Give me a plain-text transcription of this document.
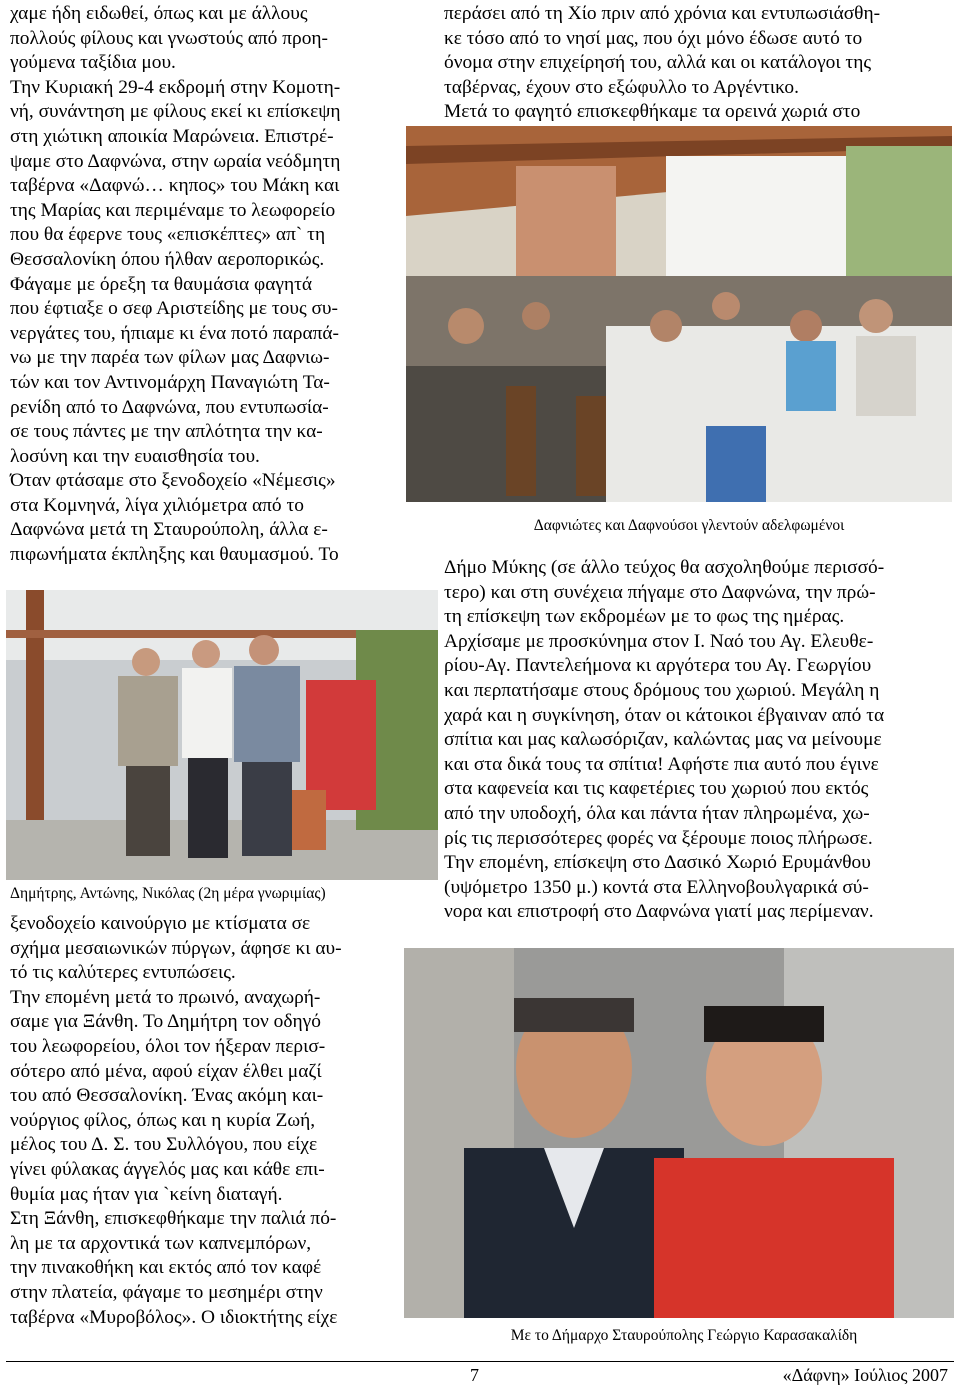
χαμε ήδη ειδωθεί, όπως και με άλλους
πολλούς φίλους και γνωστούς από προη-
γούμενα ταξίδια μου.
Την Κυριακή 29-4 εκδρομή στην Κομοτη-
νή, συνάντηση με φίλους εκεί κι επίσκεψη
στη χιώτικη αποικία Μαρώνεια. Επιστρέ-
ψαμε στο Δαφνώνα, στην ωραία νεόδμητη
ταβέρνα «Δαφνώ… κηπος» του Μάκη και
της Μαρίας και περιμέναμε το λεωφορείο
που θα έφερνε τους «επισκέπτες» απ` τη
Θεσσαλονίκη όπου ήλθαν αεροπορικώς.
Φάγαμε με όρεξη τα θαυμάσια φαγητά
που έφτιαξε ο σεφ Αριστείδης με τους συ-
νεργάτες του, ήπιαμε κι ένα ποτό παραπά-
νω με την παρέα των φίλων μας Δαφνιω-
τών και τον Αντινομάρχη Παναγιώτη Τα-
ρενίδη από το Δαφνώνα, που εντυπωσία-
σε τους πάντες με την απλότητα την κα-
λοσύνη και την ευαισθησία του.
Όταν φτάσαμε στο ξενοδοχείο «Νέμεσις»
στα Κομνηνά, λίγα χιλιόμετρα από το
Δαφνώνα μετά τη Σταυρούπολη, άλλα ε-
πιφωνήματα έκπληξης και θαυμασμού. Το

Δημήτρης, Αντώνης, Νικόλας (2η μέρα γνωριμίας)

ξενοδοχείο καινούργιο με κτίσματα σε
σχήμα μεσαιωνικών πύργων, άφησε κι αυ-
τό τις καλύτερες εντυπώσεις.
Την επομένη μετά το πρωινό, αναχωρή-
σαμε για Ξάνθη. Το Δημήτρη τον οδηγό
του λεωφορείου, όλοι τον ήξεραν περισ-
σότερο από μένα, αφού είχαν έλθει μαζί
του από Θεσσαλονίκη. Ένας ακόμη και-
νούργιος φίλος, όπως και η κυρία Ζωή,
μέλος του Δ. Σ. του Συλλόγου, που είχε
γίνει φύλακας άγγελός μας και κάθε επι-
θυμία μας ήταν για `κείνη διαταγή.
Στη Ξάνθη, επισκεφθήκαμε την παλιά πό-
λη με τα αρχοντικά των καπνεμπόρων,
την πινακοθήκη και εκτός από τον καφέ
στην πλατεία, φάγαμε το μεσημέρι στην
ταβέρνα «Μυροβόλος». Ο ιδιοκτήτης είχε

περάσει από τη Χίο πριν από χρόνια και εντυπωσιάσθη-
κε τόσο από το νησί μας, που όχι μόνο έδωσε αυτό το
όνομα στην επιχείρησή του, αλλά και οι κατάλογοι της
ταβέρνας, έχουν στο εξώφυλλο το Αργέντικο.
Μετά το φαγητό επισκεφθήκαμε τα ορεινά χωριά στο

Δαφνιώτες και Δαφνούσοι γλεντούν αδελφωμένοι

Δήμο Μύκης (σε άλλο τεύχος θα ασχοληθούμε περισσό-
τερο) και στη συνέχεια πήγαμε στο Δαφνώνα, την πρώ-
τη επίσκεψη των εκδρομέων με το φως της ημέρας.
Αρχίσαμε με προσκύνημα στον Ι. Ναό του Αγ. Ελευθε-
ρίου-Αγ. Παντελεήμονα κι αργότερα του Αγ. Γεωργίου
και περπατήσαμε στους δρόμους του χωριού. Μεγάλη η
χαρά και η συγκίνηση, όταν οι κάτοικοι έβγαιναν από τα
σπίτια και μας καλωσόριζαν, καλώντας μας να μείνουμε
και στα δικά τους τα σπίτια! Αφήστε πια αυτό που έγινε
στα καφενεία και τις καφετέριες του χωριού που εκτός
από την υποδοχή, όλα και πάντα ήταν πληρωμένα, χω-
ρίς τις περισσότερες φορές να ξέρουμε ποιος πλήρωσε.
Την επομένη, επίσκεψη στο Δασικό Χωριό Ερυμάνθου
(υψόμετρο 1350 μ.) κοντά στα Ελληνοβουλγαρικά σύ-
νορα και επιστροφή στο Δαφνώνα γιατί μας περίμεναν.

Με το Δήμαρχο Σταυρούπολης Γεώργιο Καρασακαλίδη
7	«Δάφνη» Ιούλιος 2007
